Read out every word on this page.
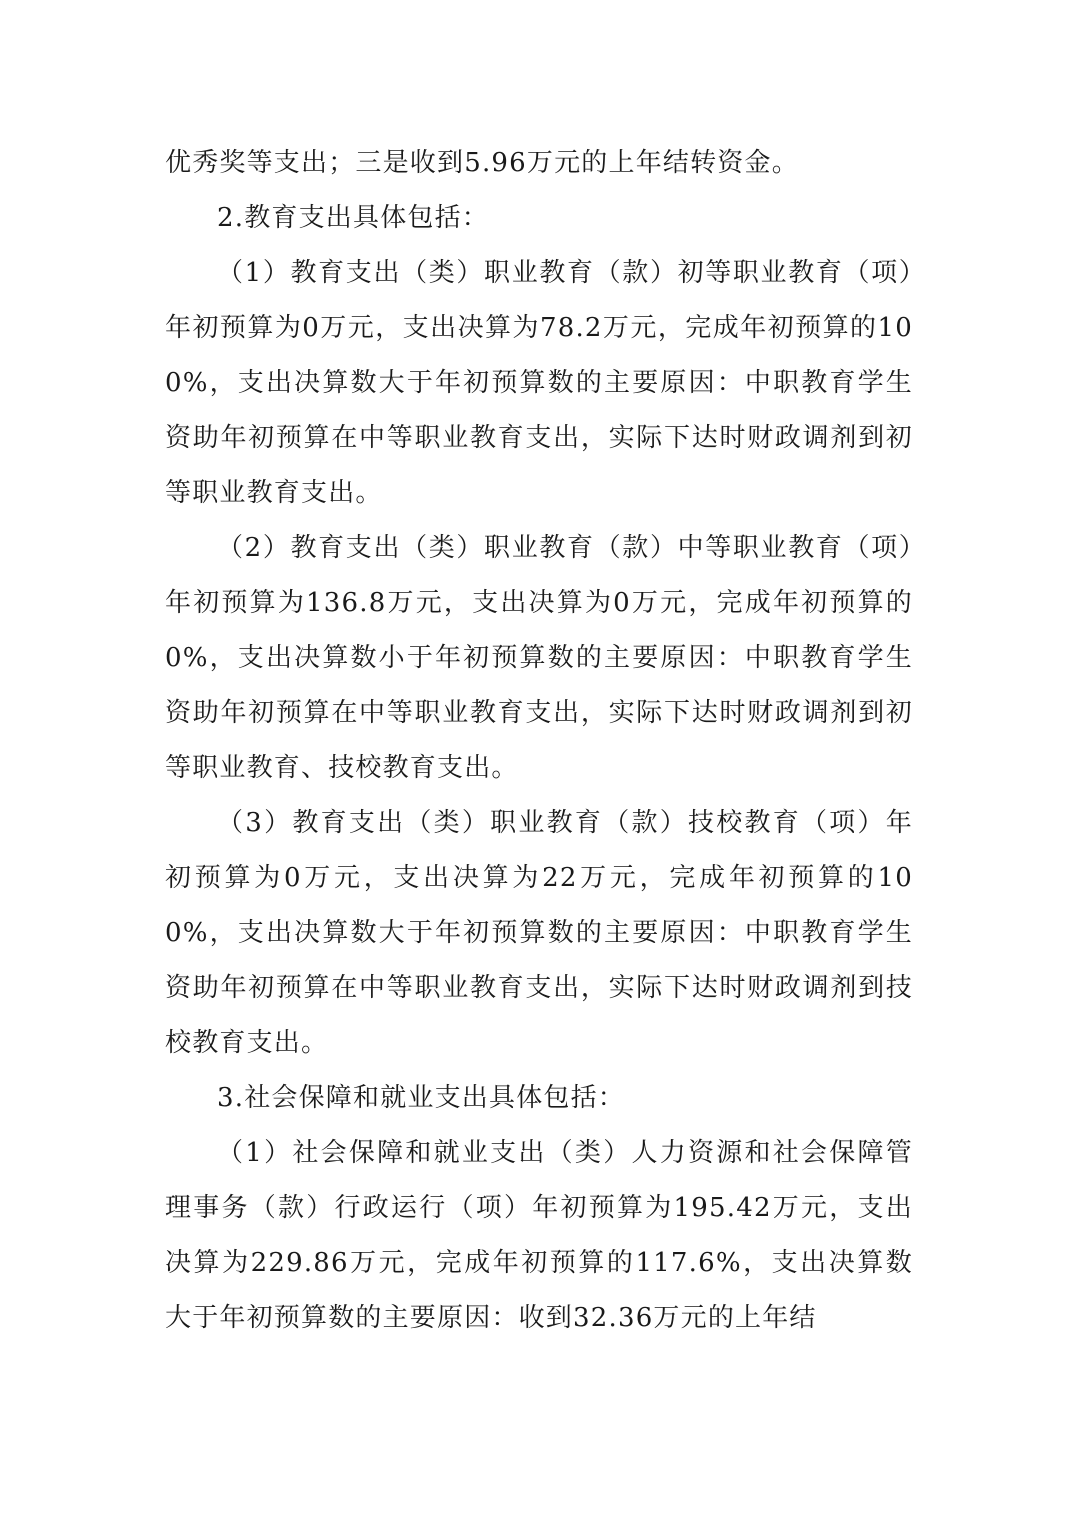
优秀奖等支出；三是收到5.96万元的上年结转资金。

2.教育支出具体包括：

（1）教育支出（类）职业教育（款）初等职业教育（项）年初预算为0万元，支出决算为78.2万元，完成年初预算的100%，支出决算数大于年初预算数的主要原因：中职教育学生资助年初预算在中等职业教育支出，实际下达时财政调剂到初等职业教育支出。

（2）教育支出（类）职业教育（款）中等职业教育（项）年初预算为136.8万元，支出决算为0万元，完成年初预算的0%，支出决算数小于年初预算数的主要原因：中职教育学生资助年初预算在中等职业教育支出，实际下达时财政调剂到初等职业教育、技校教育支出。

（3）教育支出（类）职业教育（款）技校教育（项）年初预算为0万元，支出决算为22万元，完成年初预算的100%，支出决算数大于年初预算数的主要原因：中职教育学生资助年初预算在中等职业教育支出，实际下达时财政调剂到技校教育支出。

3.社会保障和就业支出具体包括：

（1）社会保障和就业支出（类）人力资源和社会保障管理事务（款）行政运行（项）年初预算为195.42万元，支出决算为229.86万元，完成年初预算的117.6%，支出决算数大于年初预算数的主要原因：收到32.36万元的上年结
